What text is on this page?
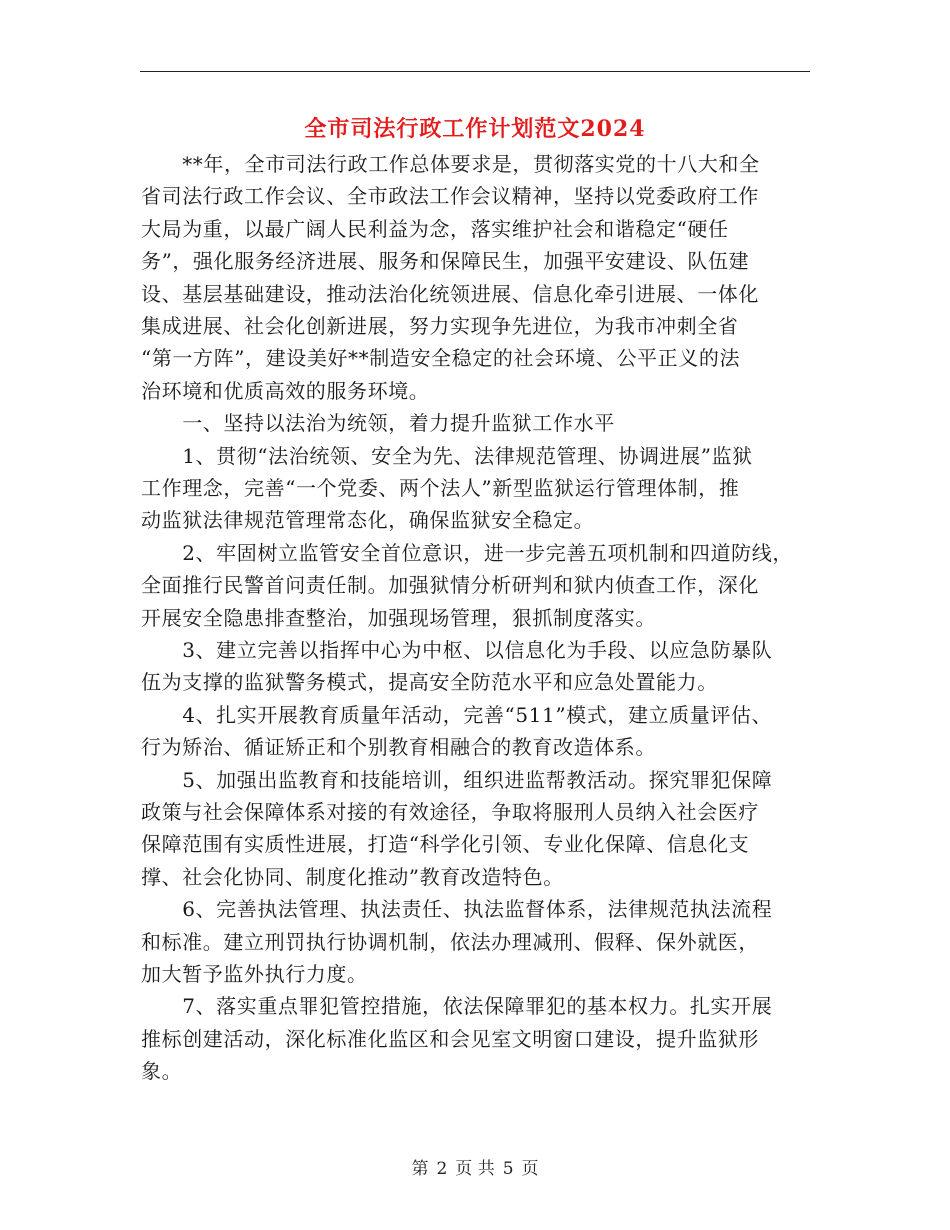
全市司法行政工作计划范文2024
　　**年，全市司法行政工作总体要求是，贯彻落实党的十八大和全
省司法行政工作会议、全市政法工作会议精神，坚持以党委政府工作
大局为重，以最广阔人民利益为念，落实维护社会和谐稳定“硬任
务”，强化服务经济进展、服务和保障民生，加强平安建设、队伍建
设、基层基础建设，推动法治化统领进展、信息化牵引进展、一体化
集成进展、社会化创新进展，努力实现争先进位，为我市冲刺全省
“第一方阵”，建设美好**制造安全稳定的社会环境、公平正义的法
治环境和优质高效的服务环境。
　　一、坚持以法治为统领，着力提升监狱工作水平
　　1、贯彻“法治统领、安全为先、法律规范管理、协调进展”监狱
工作理念，完善“一个党委、两个法人”新型监狱运行管理体制，推
动监狱法律规范管理常态化，确保监狱安全稳定。
　　2、牢固树立监管安全首位意识，进一步完善五项机制和四道防线，
全面推行民警首问责任制。加强狱情分析研判和狱内侦查工作，深化
开展安全隐患排查整治，加强现场管理，狠抓制度落实。
　　3、建立完善以指挥中心为中枢、以信息化为手段、以应急防暴队
伍为支撑的监狱警务模式，提高安全防范水平和应急处置能力。
　　4、扎实开展教育质量年活动，完善“511”模式，建立质量评估、
行为矫治、循证矫正和个别教育相融合的教育改造体系。
　　5、加强出监教育和技能培训，组织进监帮教活动。探究罪犯保障
政策与社会保障体系对接的有效途径，争取将服刑人员纳入社会医疗
保障范围有实质性进展，打造“科学化引领、专业化保障、信息化支
撑、社会化协同、制度化推动”教育改造特色。
　　6、完善执法管理、执法责任、执法监督体系，法律规范执法流程
和标准。建立刑罚执行协调机制，依法办理减刑、假释、保外就医，
加大暂予监外执行力度。
　　7、落实重点罪犯管控措施，依法保障罪犯的基本权力。扎实开展
推标创建活动，深化标准化监区和会见室文明窗口建设，提升监狱形
象。
第 2 页 共 5 页
